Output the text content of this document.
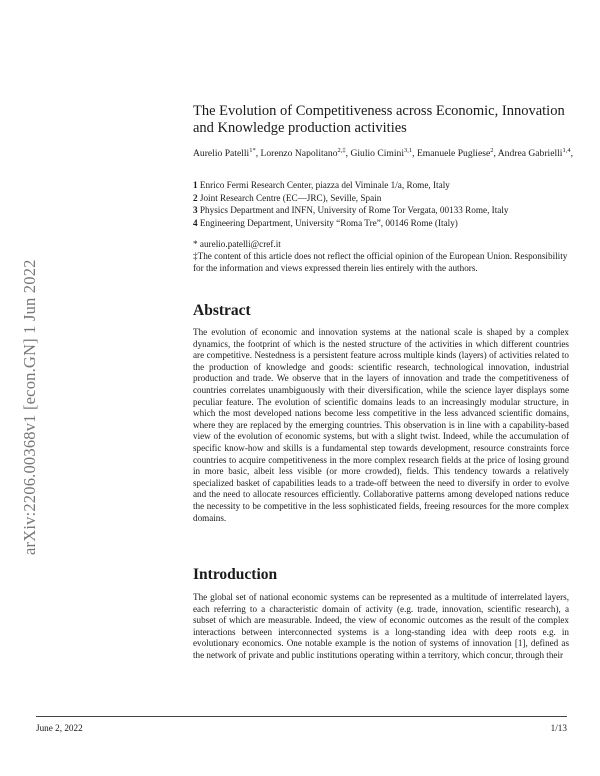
arXiv:2206.00368v1 [econ.GN] 1 Jun 2022
The Evolution of Competitiveness across Economic, Innovation and Knowledge production activities
Aurelio Patelli$^{1*}$, Lorenzo Napolitano$^{2,\ddagger}$, Giulio Cimini$^{3,1}$, Emanuele Pugliese$^2$, Andrea Gabrielli$^{1,4}$,
1 Enrico Fermi Research Center, piazza del Viminale 1/a, Rome, Italy
2 Joint Research Centre (EC—JRC), Seville, Spain
3 Physics Department and INFN, University of Rome Tor Vergata, 00133 Rome, Italy
4 Engineering Department, University “Roma Tre”, 00146 Rome (Italy)
* aurelio.patelli@cref.it
‡The content of this article does not reflect the official opinion of the European Union. Responsibility for the information and views expressed therein lies entirely with the authors.
Abstract
The evolution of economic and innovation systems at the national scale is shaped by a complex dynamics, the footprint of which is the nested structure of the activities in which different countries are competitive. Nestedness is a persistent feature across multiple kinds (layers) of activities related to the production of knowledge and goods: scientific research, technological innovation, industrial production and trade. We observe that in the layers of innovation and trade the competitiveness of countries correlates unambiguously with their diversification, while the science layer displays some peculiar feature. The evolution of scientific domains leads to an increasingly modular structure, in which the most developed nations become less competitive in the less advanced scientific domains, where they are replaced by the emerging countries. This observation is in line with a capability-based view of the evolution of economic systems, but with a slight twist. Indeed, while the accumulation of specific know-how and skills is a fundamental step towards development, resource constraints force countries to acquire competitiveness in the more complex research fields at the price of losing ground in more basic, albeit less visible (or more crowded), fields. This tendency towards a relatively specialized basket of capabilities leads to a trade-off between the need to diversify in order to evolve and the need to allocate resources efficiently. Collaborative patterns among developed nations reduce the necessity to be competitive in the less sophisticated fields, freeing resources for the more complex domains.
Introduction
The global set of national economic systems can be represented as a multitude of interrelated layers, each referring to a characteristic domain of activity (e.g. trade, innovation, scientific research), a subset of which are measurable. Indeed, the view of economic outcomes as the result of the complex interactions between interconnected systems is a long-standing idea with deep roots e.g. in evolutionary economics. One notable example is the notion of systems of innovation [1], defined as the network of private and public institutions operating within a territory, which concur, through their
June 2, 2022	1/13
